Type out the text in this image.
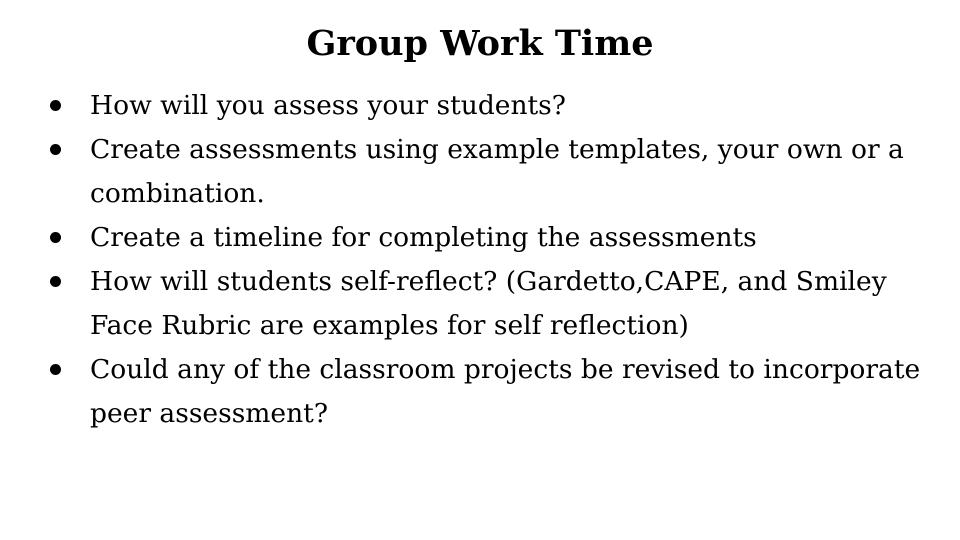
Group Work Time
How will you assess your students?
Create assessments using example templates, your own or a combination.
Create a timeline for completing the assessments
How will students self-reflect? (Gardetto,CAPE, and Smiley Face Rubric are examples for self reflection)
Could any of the classroom projects be revised to incorporate peer assessment?
